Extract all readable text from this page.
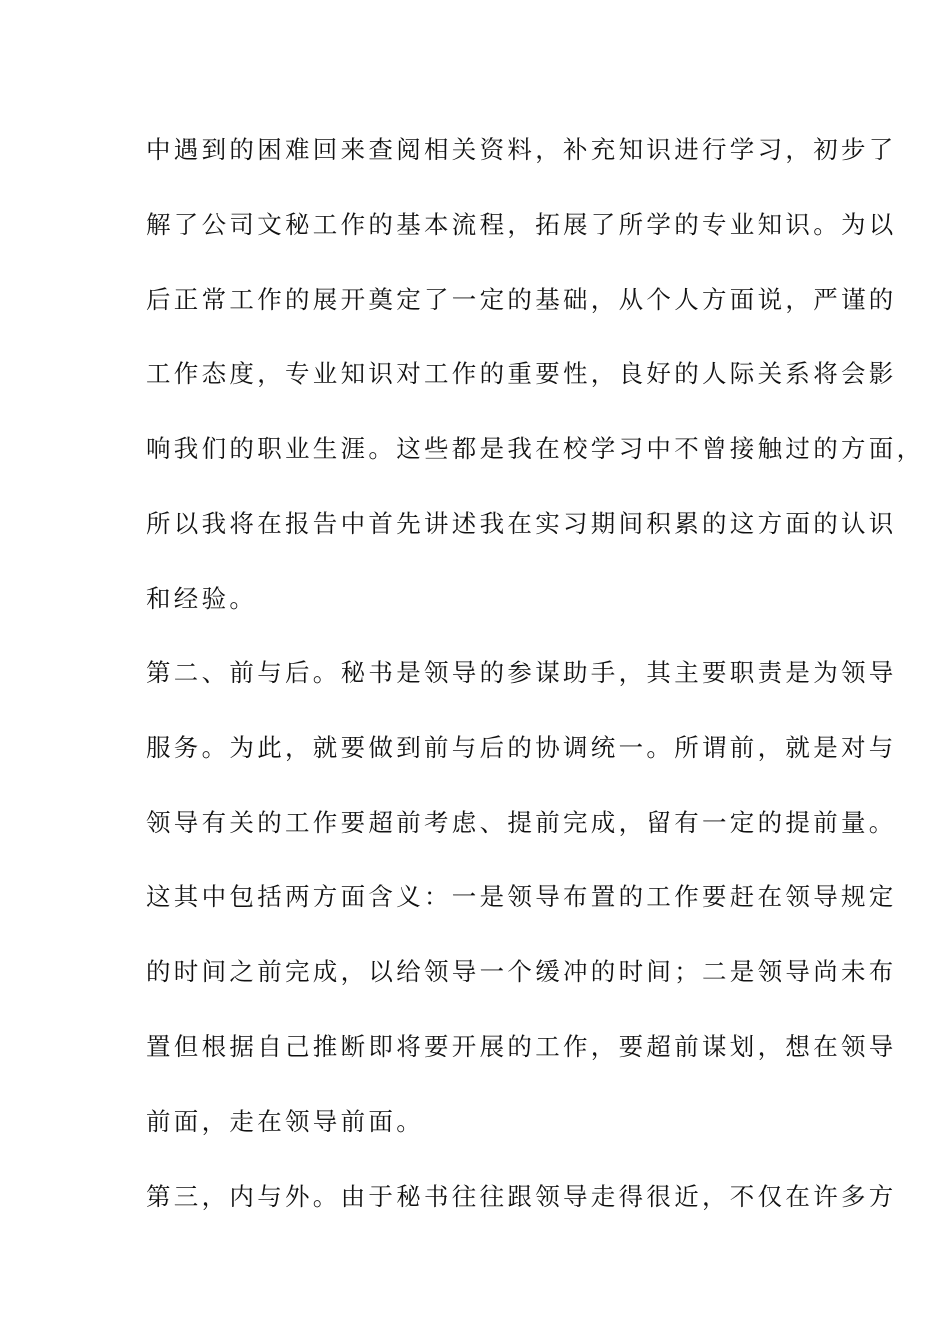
中遇到的困难回来查阅相关资料，补充知识进行学习，初步了
解了公司文秘工作的基本流程，拓展了所学的专业知识。为以
后正常工作的展开奠定了一定的基础，从个人方面说，严谨的
工作态度，专业知识对工作的重要性，良好的人际关系将会影
响我们的职业生涯。这些都是我在校学习中不曾接触过的方面，
所以我将在报告中首先讲述我在实习期间积累的这方面的认识
和经验。
第二、前与后。秘书是领导的参谋助手，其主要职责是为领导
服务。为此，就要做到前与后的协调统一。所谓前，就是对与
领导有关的工作要超前考虑、提前完成，留有一定的提前量。
这其中包括两方面含义：一是领导布置的工作要赶在领导规定
的时间之前完成，以给领导一个缓冲的时间；二是领导尚未布
置但根据自己推断即将要开展的工作，要超前谋划，想在领导
前面，走在领导前面。
第三，内与外。由于秘书往往跟领导走得很近，不仅在许多方
